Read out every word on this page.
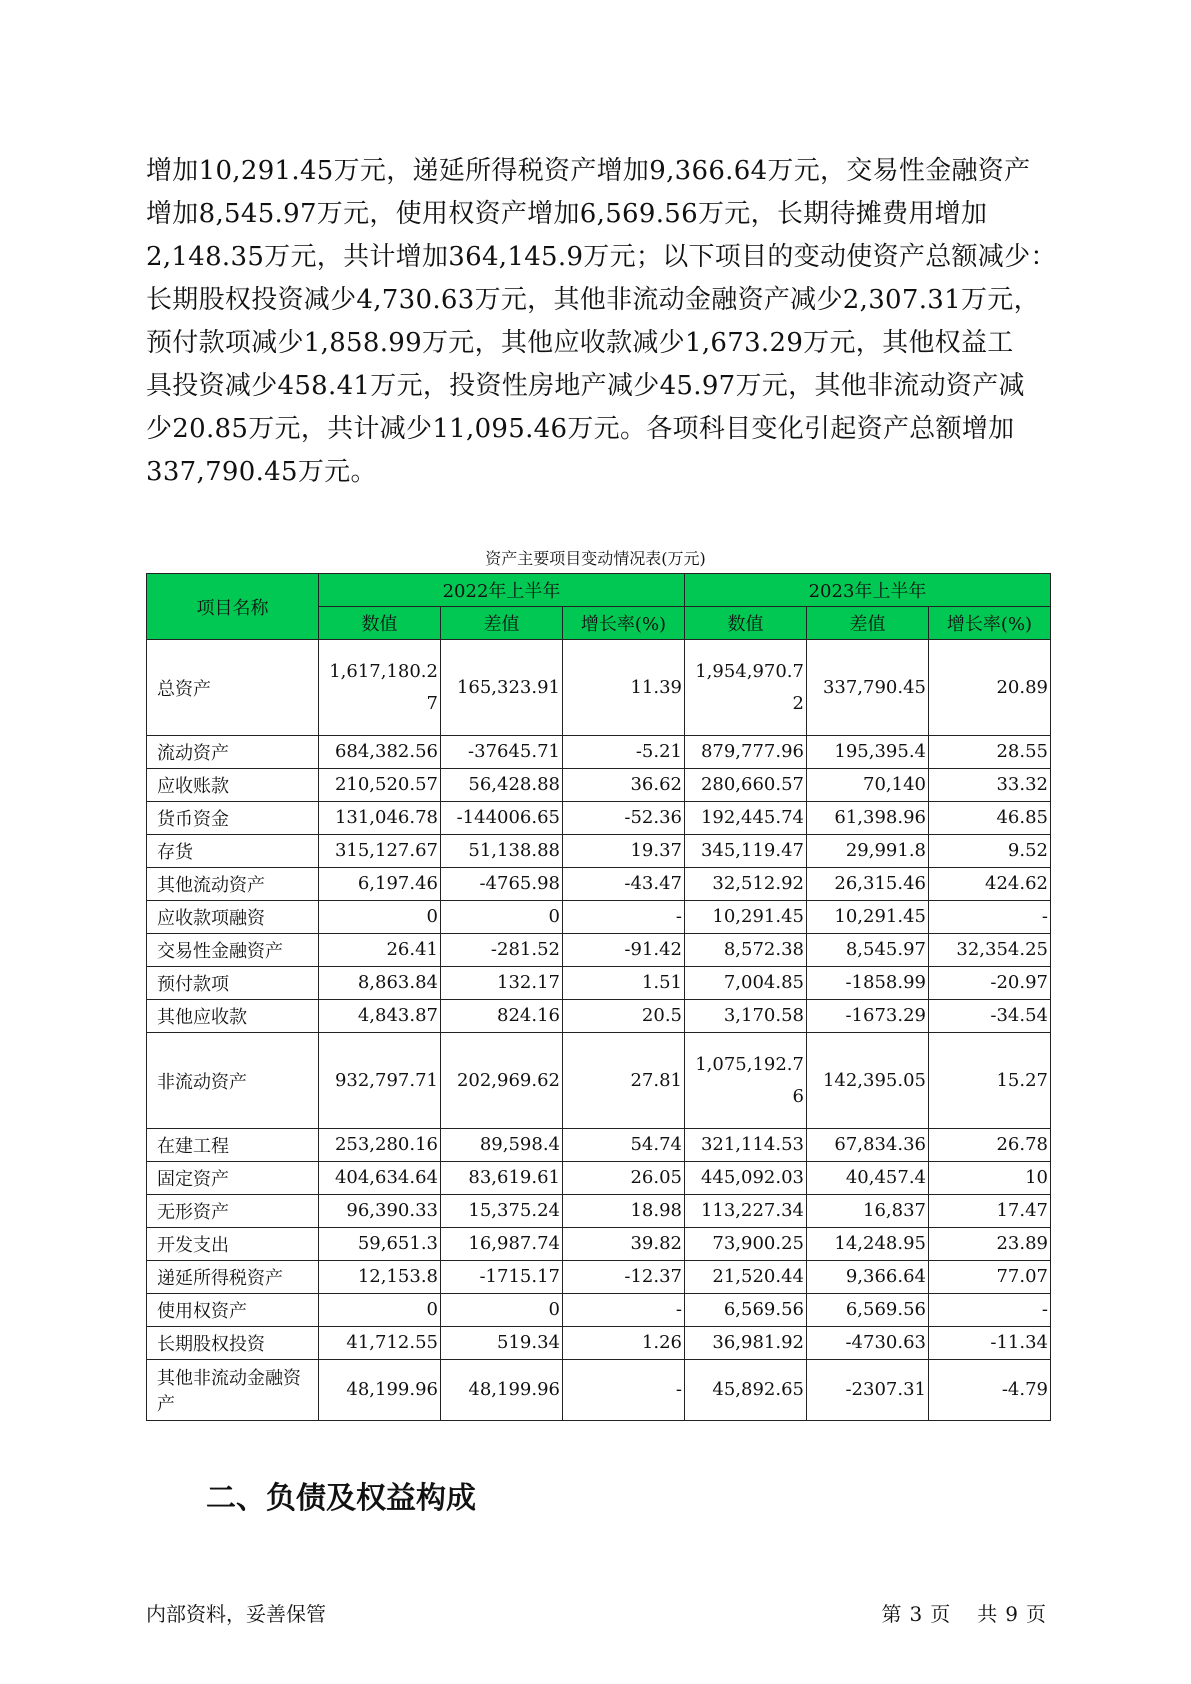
增加10,291.45万元，递延所得税资产增加9,366.64万元，交易性金融资产

增加8,545.97万元，使用权资产增加6,569.56万元，长期待摊费用增加

2,148.35万元，共计增加364,145.9万元；以下项目的变动使资产总额减少：

长期股权投资减少4,730.63万元，其他非流动金融资产减少2,307.31万元，

预付款项减少1,858.99万元，其他应收款减少1,673.29万元，其他权益工

具投资减少458.41万元，投资性房地产减少45.97万元，其他非流动资产减

少20.85万元，共计减少11,095.46万元。各项科目变化引起资产总额增加

337,790.45万元。

资产主要项目变动情况表(万元)
项目名称	2022年上半年			2023年上半年		
	数值	差值	增长率(%)	数值	差值	增长率(%)
总资产	1,617,180.27	165,323.91	11.39	1,954,970.72	337,790.45	20.89
流动资产	684,382.56	-37645.71	-5.21	879,777.96	195,395.4	28.55
应收账款	210,520.57	56,428.88	36.62	280,660.57	70,140	33.32
货币资金	131,046.78	-144006.65	-52.36	192,445.74	61,398.96	46.85
存货	315,127.67	51,138.88	19.37	345,119.47	29,991.8	9.52
其他流动资产	6,197.46	-4765.98	-43.47	32,512.92	26,315.46	424.62
应收款项融资	0	0	-	10,291.45	10,291.45	-
交易性金融资产	26.41	-281.52	-91.42	8,572.38	8,545.97	32,354.25
预付款项	8,863.84	132.17	1.51	7,004.85	-1858.99	-20.97
其他应收款	4,843.87	824.16	20.5	3,170.58	-1673.29	-34.54
非流动资产	932,797.71	202,969.62	27.81	1,075,192.76	142,395.05	15.27
在建工程	253,280.16	89,598.4	54.74	321,114.53	67,834.36	26.78
固定资产	404,634.64	83,619.61	26.05	445,092.03	40,457.4	10
无形资产	96,390.33	15,375.24	18.98	113,227.34	16,837	17.47
开发支出	59,651.3	16,987.74	39.82	73,900.25	14,248.95	23.89
递延所得税资产	12,153.8	-1715.17	-12.37	21,520.44	9,366.64	77.07
使用权资产	0	0	-	6,569.56	6,569.56	-
长期股权投资	41,712.55	519.34	1.26	36,981.92	-4730.63	-11.34
其他非流动金融资产	48,199.96	48,199.96	-	45,892.65	-2307.31	-4.79
二、负债及权益构成
内部资料，妥善保管	第 3 页 共 9 页
